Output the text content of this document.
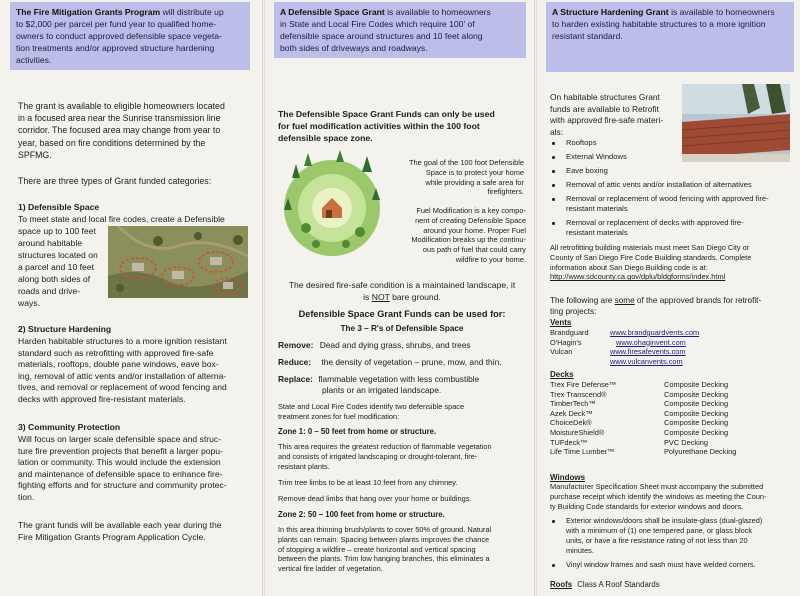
The Fire Mitigation Grants Program will distribute up
to $2,000 per parcel per fund year to qualified home-
owners to conduct approved defensible space vegeta-
tion treatments and/or approved structure hardening
activities.
The grant is available to eligible homeowners located
in a focused area near the Sunrise transmission line
corridor. The focused area may change from year to
year, based on fire conditions determined by the
SPFMG.
There are three types of Grant funded categories:
1) Defensible Space
To meet state and local fire codes, create a Defensible
space up to 100 feet
around habitable
structures located on
a parcel and 10 feet
along both sides of
roads and drive-
ways.
2) Structure Hardening
Harden habitable structures to a more ignition resistant
standard such as retrofitting with approved fire-safe
materials, rooftops, double pane windows, eave box-
ing, removal of attic vents and/or installation of alterna-
tives, and removal or replacement of wood fencing and
decks with approved fire-resistant materials.
3) Community Protection
Will focus on larger scale defensible space and struc-
ture fire prevention projects that benefit a larger popu-
lation or community. This would include the extension
and maintenance of defensible space to enhance fire-
fighting efforts and for structure and community protec-
tion.
The grant funds will be available each year during the
Fire Mitigation Grants Program Application Cycle.
A Defensible Space Grant is available to homeowners
in State and Local Fire Codes which require 100' of
defensible space around structures and 10 feet along
both sides of driveways and roadways.
The Defensible Space Grant Funds can only be used
for fuel modification activities within the 100 foot
defensible space zone.
The goal of the 100 foot Defensible
Space is to protect your home
while providing a safe area for
firefighters.
Fuel Modification is a key compo-
nent of creating Defensible Space
around your home. Proper Fuel
Modification breaks up the continu-
ous path of fuel that could carry
wildfire to your home.
The desired fire-safe condition is a maintained landscape, it
is NOT bare ground.
Defensible Space Grant Funds can be used for:
The 3 – R's of Defensible Space
Remove: Dead and dying grass, shrubs, and trees
Reduce: the density of vegetation – prune, mow, and thin.
Replace: flammable vegetation with less combustible
plants or an irrigated landscape.
State and Local Fire Codes identify two defensible space
treatment zones for fuel modification:
Zone 1: 0 – 50 feet from home or structure.
This area requires the greatest reduction of flammable vegetation
and consists of irrigated landscaping or drought-tolerant, fire-
resistant plants.
Trim tree limbs to be at least 10 feet from any chimney.
Remove dead limbs that hang over your home or buildings.
Zone 2: 50 – 100 feet from home or structure.
In this area thinning brush/plants to cover 50% of ground. Natural
plants can remain. Spacing between plants improves the chance
of stopping a wildfire – create horizontal and vertical spacing
between the plants. Trim low hanging branches, this eliminates a
vertical fire ladder of vegetation.
A Structure Hardening Grant is available to homeowners
to harden existing habitable structures to a more ignition
resistant standard.
On habitable structures Grant
funds are available to Retrofit
with approved fire-safe materi-
als:
Rooftops
External Windows
Eave boxing
Removal of attic vents and/or installation of alternatives
Removal or replacement of wood fencing with approved fire-
resistant materials
Removal or replacement of decks with approved fire-
resistant materials
All retrofitting building materials must meet San Diego City or
County of San Diego Fire Code Building standards. Complete
information about San Diego Building code is at:
http://www.sdcounty.ca.gov/dplu/bldgforms/index.html
The following are some of the approved brands for retrofit-
ting projects:
Vents
Brandguard	www.brandguardvents.com
O'Hagin's	www.ohaginvent.com
Vulcan	www.firesafevents.com
	www.vulcanvents.com
Decks
Trex Fire Defense™	Composite Decking
Trex Transcend®	Composite Decking
TimberTech™	Composite Decking
Azek Deck™	Composite Decking
ChoiceDek®	Composite Decking
MoistureShield®	Composite Decking
TUFdeck™	PVC Decking
Life Time Lumber™	Polyurethane Decking
Windows
Manufacturer Specification Sheet must accompany the submitted
purchase receipt which identify the windows as meeting the Coun-
ty Building Code standards for exterior windows and doors.
Exterior windows/doors shall be insulate-glass (dual-glazed)
with a minimum of (1) one tempered pane, or glass block
units, or have a fire resistance rating of not less than 20
minutes.
Vinyl window frames and sash must have welded corners.
Roofs Class A Roof Standards
